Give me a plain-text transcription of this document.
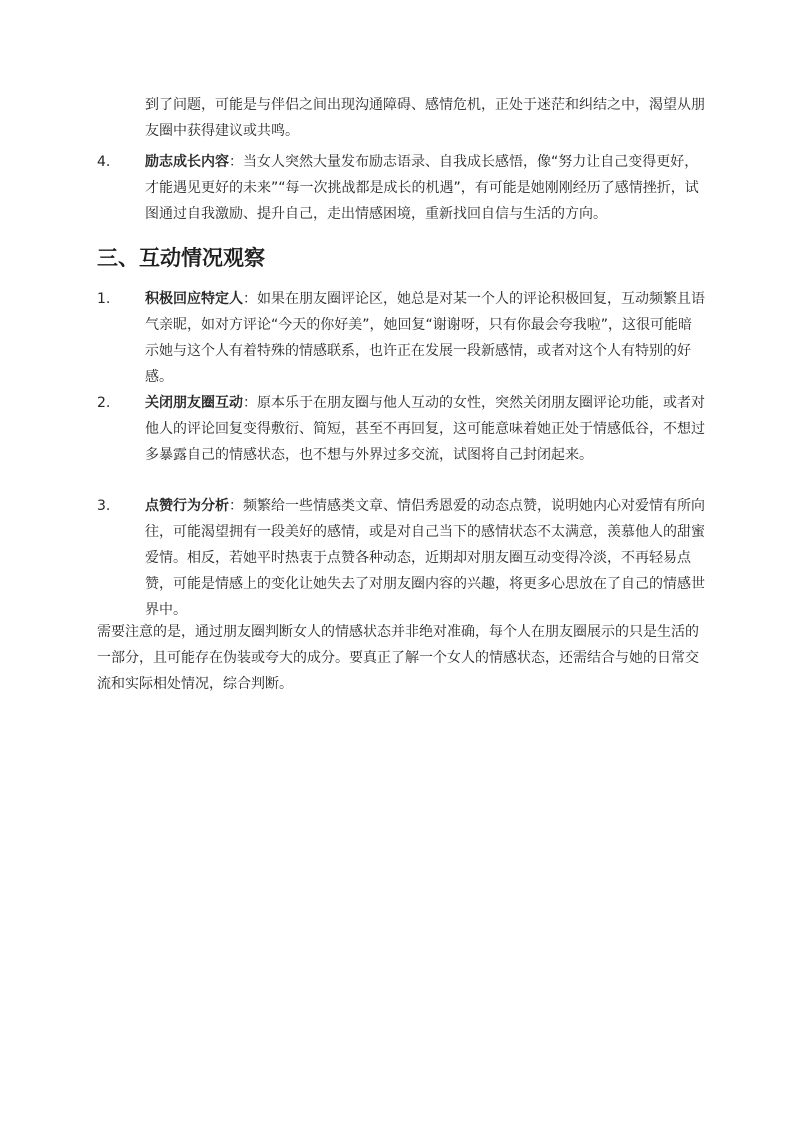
到了问题，可能是与伴侣之间出现沟通障碍、感情危机，正处于迷茫和纠结之中，渴望从朋友圈中获得建议或共鸣。

4. 励志成长内容：当女人突然大量发布励志语录、自我成长感悟，像“努力让自己变得更好，才能遇见更好的未来”“每一次挑战都是成长的机遇”，有可能是她刚刚经历了感情挫折，试图通过自我激励、提升自己，走出情感困境，重新找回自信与生活的方向。

三、互动情况观察
1. 积极回应特定人：如果在朋友圈评论区，她总是对某一个人的评论积极回复，互动频繁且语气亲昵，如对方评论“今天的你好美”，她回复“谢谢呀，只有你最会夸我啦”，这很可能暗示她与这个人有着特殊的情感联系，也许正在发展一段新感情，或者对这个人有特别的好感。

2. 关闭朋友圈互动：原本乐于在朋友圈与他人互动的女性，突然关闭朋友圈评论功能，或者对他人的评论回复变得敷衍、简短，甚至不再回复，这可能意味着她正处于情感低谷，不想过多暴露自己的情感状态，也不想与外界过多交流，试图将自己封闭起来。

3. 点赞行为分析：频繁给一些情感类文章、情侣秀恩爱的动态点赞，说明她内心对爱情有所向往，可能渴望拥有一段美好的感情，或是对自己当下的感情状态不太满意，羡慕他人的甜蜜爱情。相反，若她平时热衷于点赞各种动态，近期却对朋友圈互动变得冷淡，不再轻易点赞，可能是情感上的变化让她失去了对朋友圈内容的兴趣，将更多心思放在了自己的情感世界中。

需要注意的是，通过朋友圈判断女人的情感状态并非绝对准确，每个人在朋友圈展示的只是生活的一部分，且可能存在伪装或夸大的成分。要真正了解一个女人的情感状态，还需结合与她的日常交流和实际相处情况，综合判断。
